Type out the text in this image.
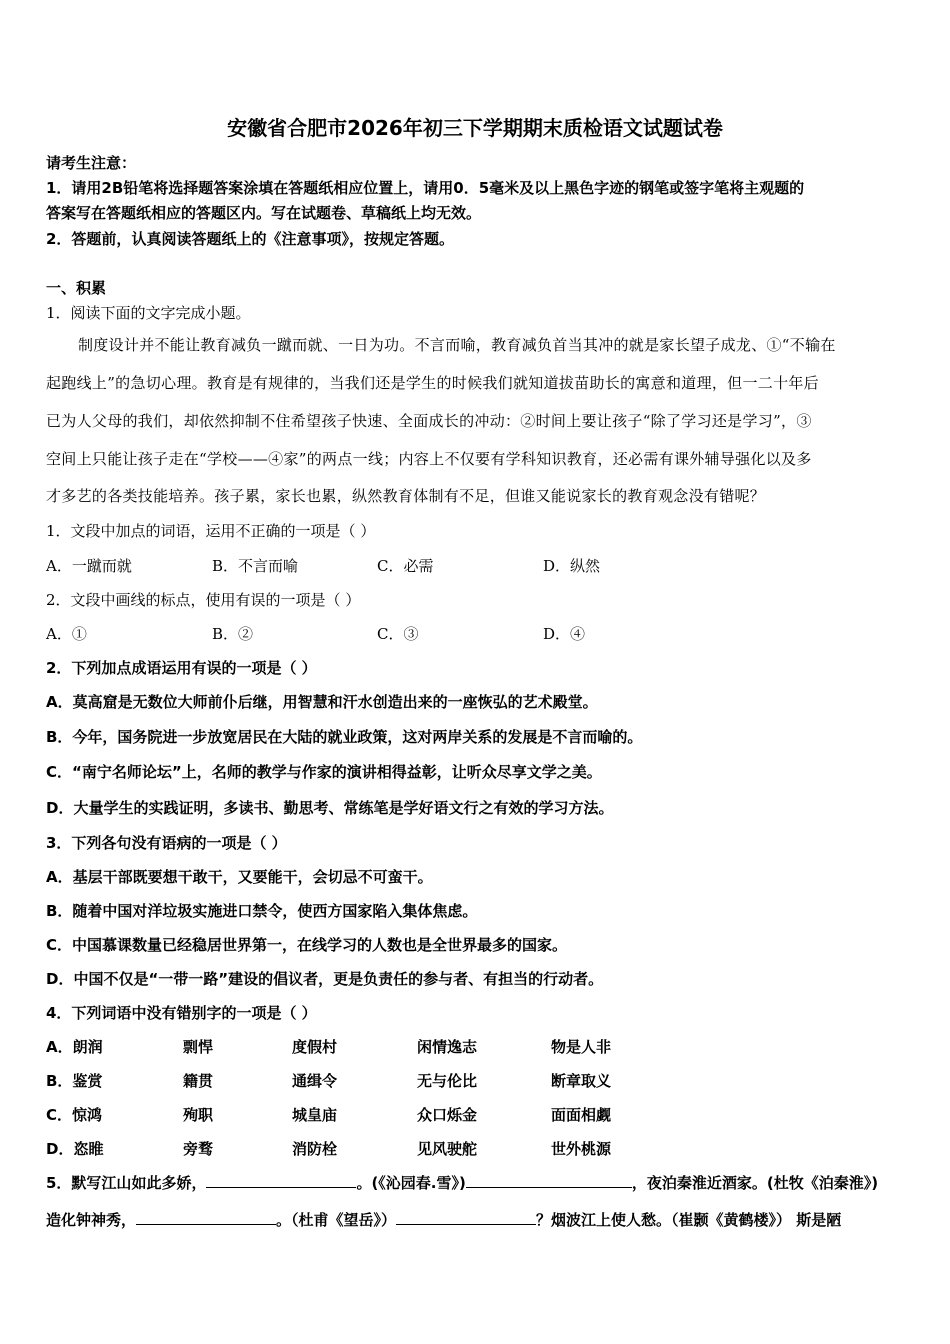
安徽省合肥市2026年初三下学期期末质检语文试题试卷
请考生注意：
1．请用2B铅笔将选择题答案涂填在答题纸相应位置上，请用0．5毫米及以上黑色字迹的钢笔或签字笔将主观题的
答案写在答题纸相应的答题区内。写在试题卷、草稿纸上均无效。
2．答题前，认真阅读答题纸上的《注意事项》，按规定答题。
一、积累
1．阅读下面的文字完成小题。
制度设计并不能让教育减负一蹴而就、一日为功。不言而喻，教育减负首当其冲的就是家长望子成龙、①“不输在
起跑线上”的急切心理。教育是有规律的，当我们还是学生的时候我们就知道拔苗助长的寓意和道理，但一二十年后
已为人父母的我们，却依然抑制不住希望孩子快速、全面成长的冲动：②时间上要让孩子“除了学习还是学习”，③
空间上只能让孩子走在“学校——④家”的两点一线；内容上不仅要有学科知识教育，还必需有课外辅导强化以及多
才多艺的各类技能培养。孩子累，家长也累，纵然教育体制有不足，但谁又能说家长的教育观念没有错呢？
1．文段中加点的词语，运用不正确的一项是（ ）
A．一蹴而就	B．不言而喻	C．必需	D．纵然
2．文段中画线的标点，使用有误的一项是（ ）
A．①	B．②	C．③	D．④
2．下列加点成语运用有误的一项是（ ）
A．莫高窟是无数位大师前仆后继，用智慧和汗水创造出来的一座恢弘的艺术殿堂。
B．今年，国务院进一步放宽居民在大陆的就业政策，这对两岸关系的发展是不言而喻的。
C．“南宁名师论坛”上，名师的教学与作家的演讲相得益彰，让听众尽享文学之美。
D．大量学生的实践证明，多读书、勤思考、常练笔是学好语文行之有效的学习方法。
3．下列各句没有语病的一项是（ ）
A．基层干部既要想干敢干，又要能干，会切忌不可蛮干。
B．随着中国对洋垃圾实施进口禁令，使西方国家陷入集体焦虑。
C．中国慕课数量已经稳居世界第一，在线学习的人数也是全世界最多的国家。
D．中国不仅是“一带一路”建设的倡议者，更是负责任的参与者、有担当的行动者。
4．下列词语中没有错别字的一项是（ ）
A．朗润	剽悍	度假村	闲情逸志	物是人非
B．鉴赏	籍贯	通缉令	无与伦比	断章取义
C．惊鸿	殉职	城皇庙	众口烁金	面面相觑
D．恣睢	旁骛	消防栓	见风驶舵	世外桃源
5．默写江山如此多娇，	。(《沁园春.雪》)	，夜泊秦淮近酒家。(杜牧《泊秦淮》)
造化钟神秀，	。（杜甫《望岳》）	？烟波江上使人愁。（崔颢《黄鹤楼》） 斯是陋
